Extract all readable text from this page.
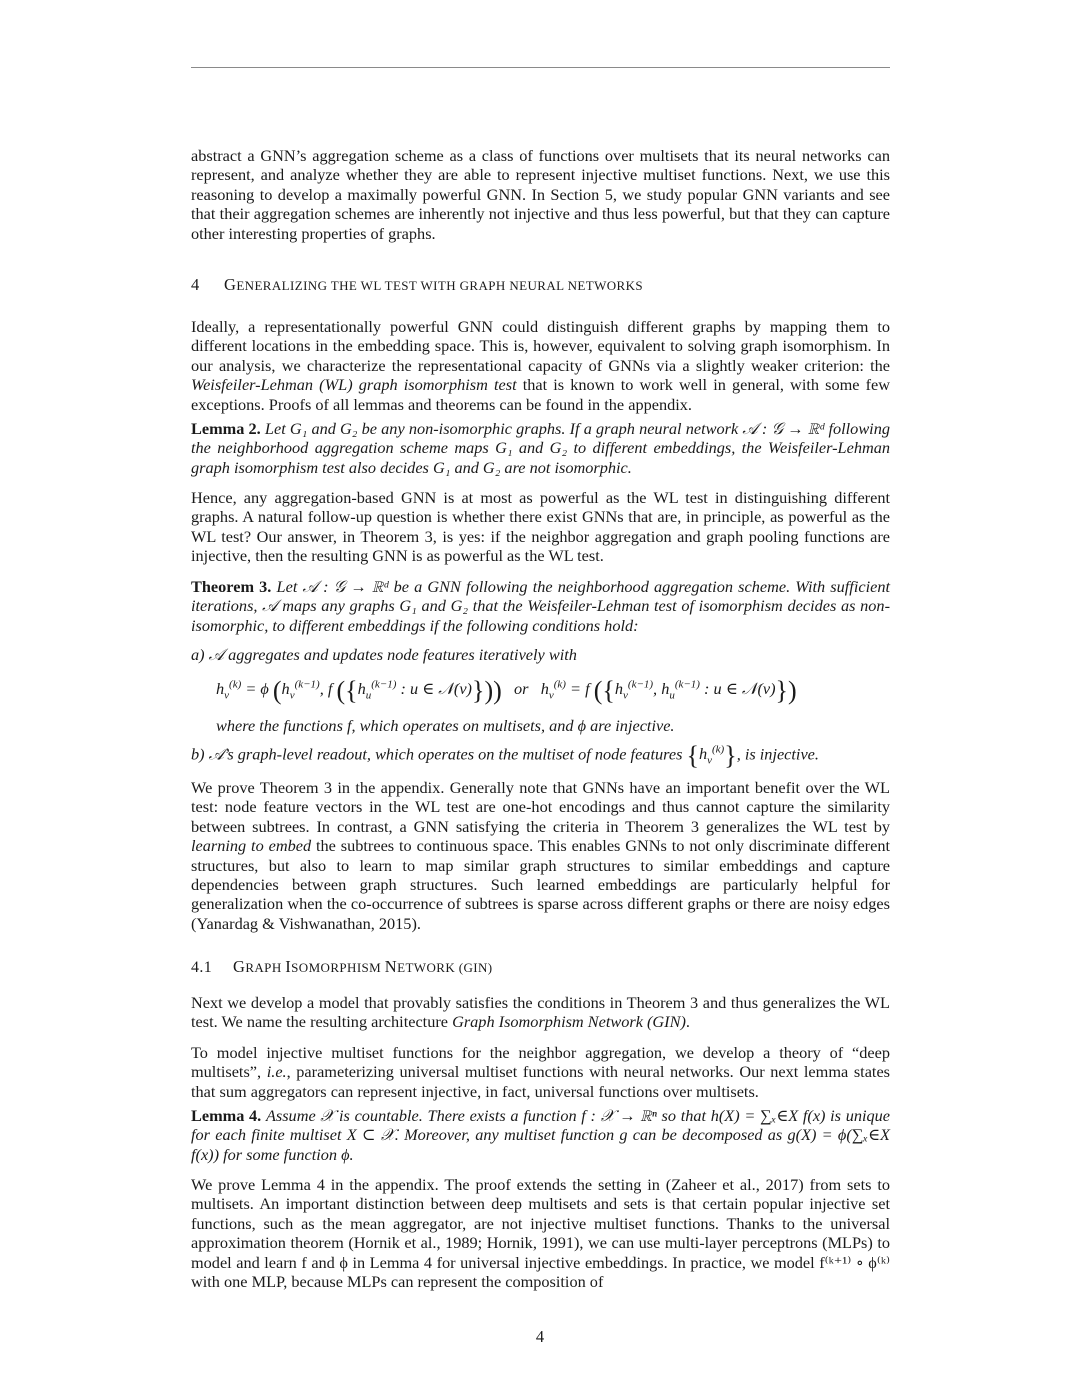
abstract a GNN’s aggregation scheme as a class of functions over multisets that its neural networks can represent, and analyze whether they are able to represent injective multiset functions. Next, we use this reasoning to develop a maximally powerful GNN. In Section 5, we study popular GNN variants and see that their aggregation schemes are inherently not injective and thus less powerful, but that they can capture other interesting properties of graphs.

4 GENERALIZING THE WL TEST WITH GRAPH NEURAL NETWORKS

Ideally, a representationally powerful GNN could distinguish different graphs by mapping them to different locations in the embedding space. This is, however, equivalent to solving graph isomorphism. In our analysis, we characterize the representational capacity of GNNs via a slightly weaker criterion: the Weisfeiler-Lehman (WL) graph isomorphism test that is known to work well in general, with some few exceptions. Proofs of all lemmas and theorems can be found in the appendix.

Lemma 2. Let G₁ and G₂ be any non-isomorphic graphs. If a graph neural network 𝒜 : 𝒢 → ℝᵈ following the neighborhood aggregation scheme maps G₁ and G₂ to different embeddings, the Weisfeiler-Lehman graph isomorphism test also decides G₁ and G₂ are not isomorphic.

Hence, any aggregation-based GNN is at most as powerful as the WL test in distinguishing different graphs. A natural follow-up question is whether there exist GNNs that are, in principle, as powerful as the WL test? Our answer, in Theorem 3, is yes: if the neighbor aggregation and graph pooling functions are injective, then the resulting GNN is as powerful as the WL test.

Theorem 3. Let 𝒜 : 𝒢 → ℝᵈ be a GNN following the neighborhood aggregation scheme. With sufficient iterations, 𝒜 maps any graphs G₁ and G₂ that the Weisfeiler-Lehman test of isomorphism decides as non-isomorphic, to different embeddings if the following conditions hold:

a) 𝒜 aggregates and updates node features iteratively with

$h_v^{(k)} = \phi$ ($h_v^{(k-1)}$, f ({$h_u^{(k-1)}$ : u ∈ 𝒩(v)})) or   $h_v^{(k)} = f$ ({$h_v^{(k-1)}$, $h_u^{(k-1)}$ : u ∈ 𝒩(v)})

where the functions f, which operates on multisets, and ϕ are injective.

b) 𝒜’s graph-level readout, which operates on the multiset of node features $\{h_v^{(k)}\}$, is injective.

We prove Theorem 3 in the appendix. Generally note that GNNs have an important benefit over the WL test: node feature vectors in the WL test are one-hot encodings and thus cannot capture the similarity between subtrees. In contrast, a GNN satisfying the criteria in Theorem 3 generalizes the WL test by learning to embed the subtrees to continuous space. This enables GNNs to not only discriminate different structures, but also to learn to map similar graph structures to similar embeddings and capture dependencies between graph structures. Such learned embeddings are particularly helpful for generalization when the co-occurrence of subtrees is sparse across different graphs or there are noisy edges (Yanardag & Vishwanathan, 2015).

4.1 GRAPH ISOMORPHISM NETWORK (GIN)

Next we develop a model that provably satisfies the conditions in Theorem 3 and thus generalizes the WL test. We name the resulting architecture Graph Isomorphism Network (GIN).

To model injective multiset functions for the neighbor aggregation, we develop a theory of “deep multisets”, i.e., parameterizing universal multiset functions with neural networks. Our next lemma states that sum aggregators can represent injective, in fact, universal functions over multisets.

Lemma 4. Assume 𝒳 is countable. There exists a function f : 𝒳 → ℝⁿ so that h(X) = ∑ₓ∈X f(x) is unique for each finite multiset X ⊂ 𝒳. Moreover, any multiset function g can be decomposed as g(X) = ϕ(∑ₓ∈X f(x)) for some function ϕ.

We prove Lemma 4 in the appendix. The proof extends the setting in (Zaheer et al., 2017) from sets to multisets. An important distinction between deep multisets and sets is that certain popular injective set functions, such as the mean aggregator, are not injective multiset functions. Thanks to the universal approximation theorem (Hornik et al., 1989; Hornik, 1991), we can use multi-layer perceptrons (MLPs) to model and learn f and ϕ in Lemma 4 for universal injective embeddings. In practice, we model f⁽ᵏ⁺¹⁾ ∘ ϕ⁽ᵏ⁾ with one MLP, because MLPs can represent the composition of

4
